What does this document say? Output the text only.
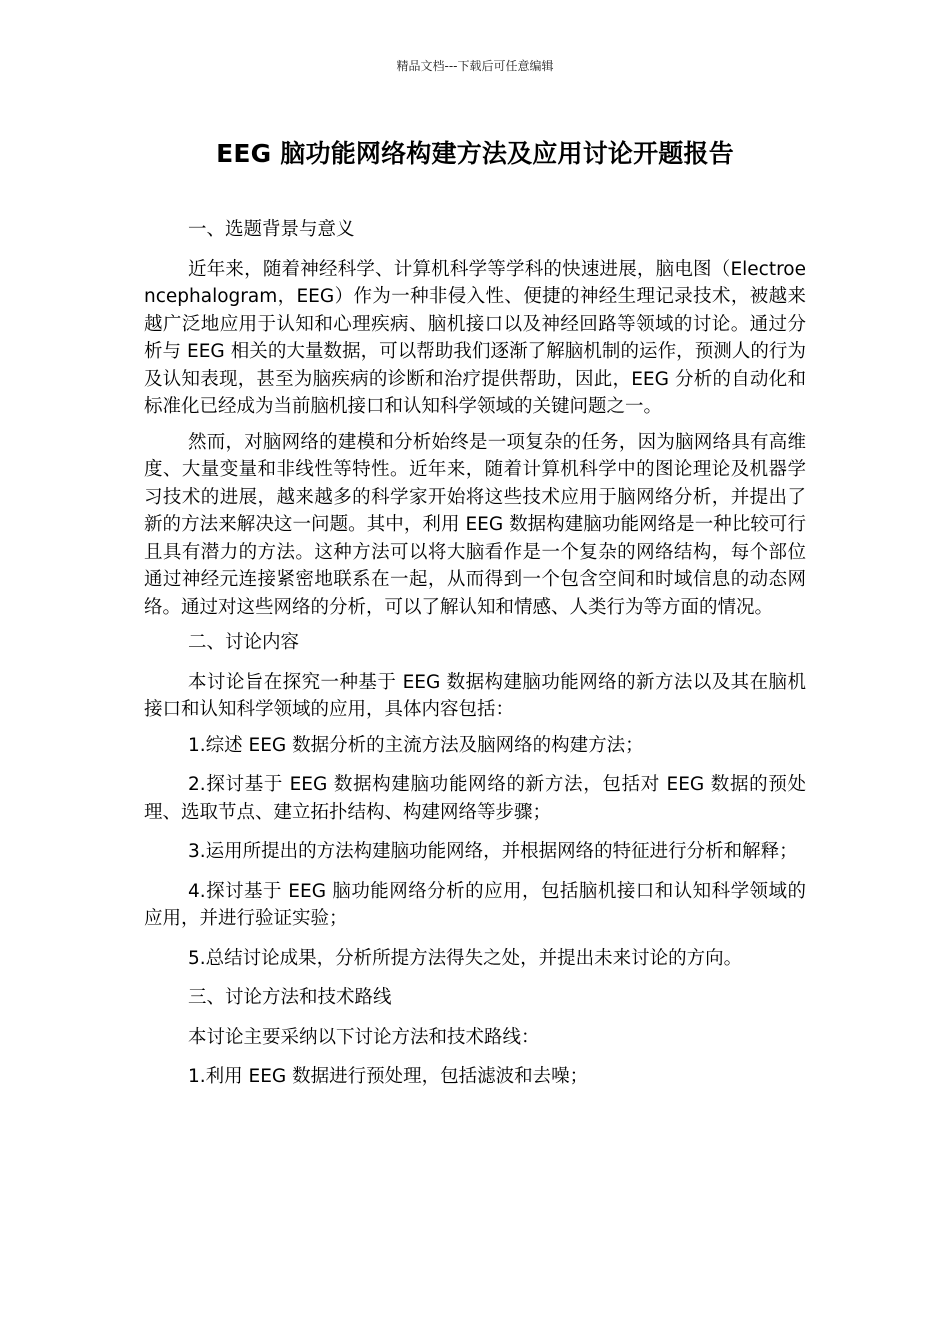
精品文档---下载后可任意编辑
EEG 脑功能网络构建方法及应用讨论开题报告

一、选题背景与意义

近年来，随着神经科学、计算机科学等学科的快速进展，脑电图（Electroencephalogram，EEG）作为一种非侵入性、便捷的神经生理记录技术，被越来越广泛地应用于认知和心理疾病、脑机接口以及神经回路等领域的讨论。通过分析与 EEG 相关的大量数据，可以帮助我们逐渐了解脑机制的运作，预测人的行为及认知表现，甚至为脑疾病的诊断和治疗提供帮助，因此，EEG 分析的自动化和标准化已经成为当前脑机接口和认知科学领域的关键问题之一。

然而，对脑网络的建模和分析始终是一项复杂的任务，因为脑网络具有高维度、大量变量和非线性等特性。近年来，随着计算机科学中的图论理论及机器学习技术的进展，越来越多的科学家开始将这些技术应用于脑网络分析，并提出了新的方法来解决这一问题。其中，利用 EEG 数据构建脑功能网络是一种比较可行且具有潜力的方法。这种方法可以将大脑看作是一个复杂的网络结构，每个部位通过神经元连接紧密地联系在一起，从而得到一个包含空间和时域信息的动态网络。通过对这些网络的分析，可以了解认知和情感、人类行为等方面的情况。

二、讨论内容

本讨论旨在探究一种基于 EEG 数据构建脑功能网络的新方法以及其在脑机接口和认知科学领域的应用，具体内容包括：

1.综述 EEG 数据分析的主流方法及脑网络的构建方法；

2.探讨基于 EEG 数据构建脑功能网络的新方法，包括对 EEG 数据的预处理、选取节点、建立拓扑结构、构建网络等步骤；

3.运用所提出的方法构建脑功能网络，并根据网络的特征进行分析和解释；

4.探讨基于 EEG 脑功能网络分析的应用，包括脑机接口和认知科学领域的应用，并进行验证实验；

5.总结讨论成果，分析所提方法得失之处，并提出未来讨论的方向。

三、讨论方法和技术路线

本讨论主要采纳以下讨论方法和技术路线：

1.利用 EEG 数据进行预处理，包括滤波和去噪；
